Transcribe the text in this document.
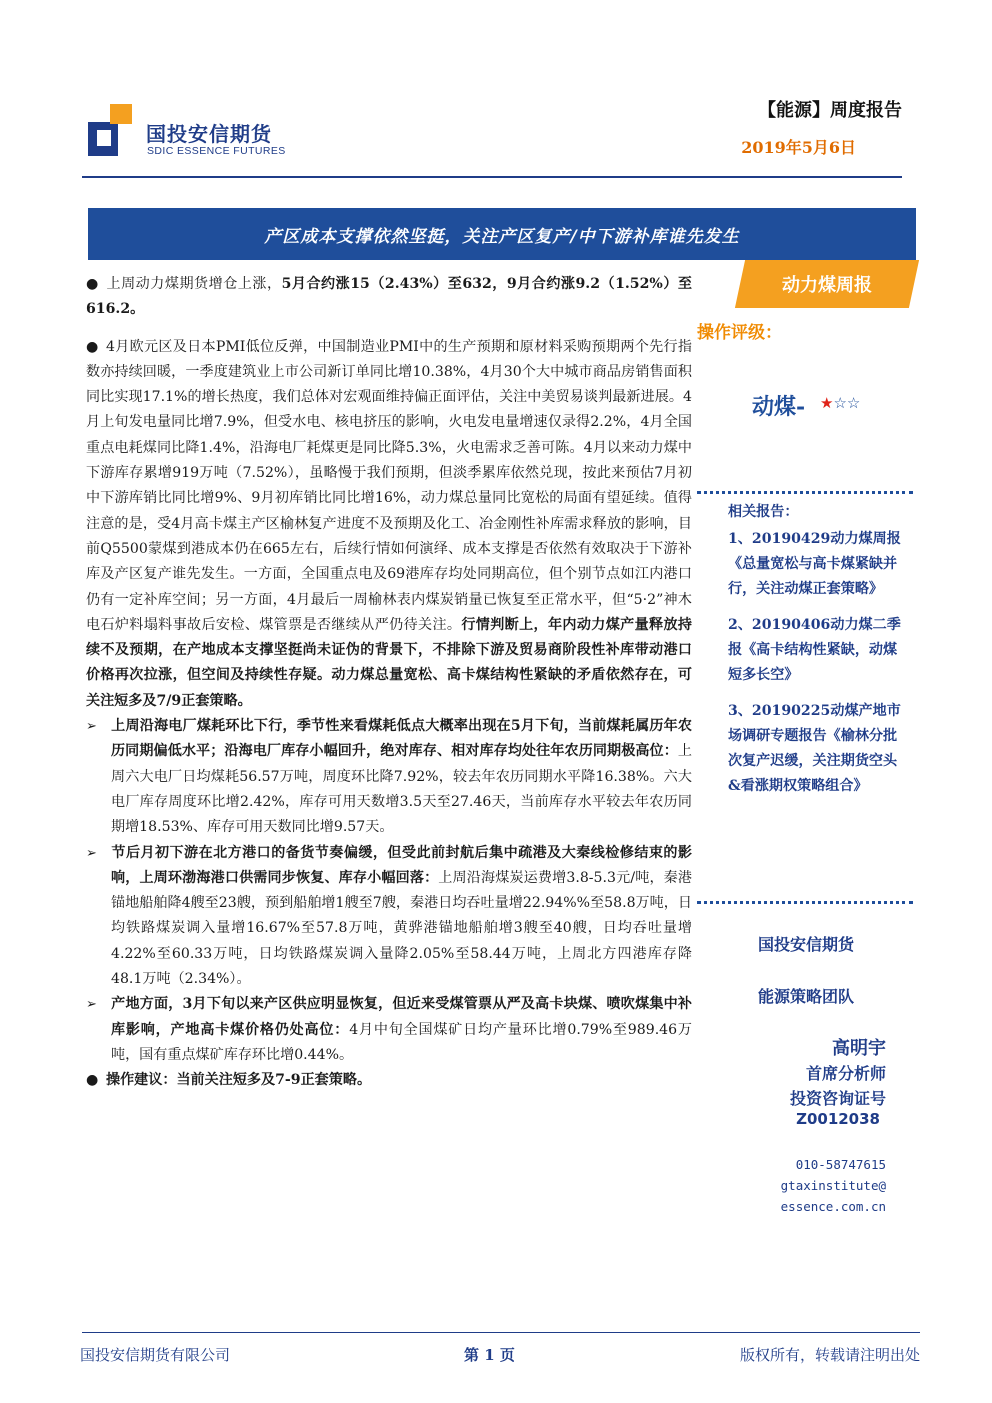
国投安信期货
SDIC ESSENCE FUTURES
【能源】周度报告
2019年5月6日
产区成本支撑依然坚挺，关注产区复产/中下游补库谁先发生
动力煤周报
操作评级：
动煤- ★☆☆

相关报告：

1、20190429动力煤周报《总量宽松与高卡煤紧缺并行，关注动煤正套策略》

2、20190406动力煤二季报《高卡结构性紧缺，动煤短多长空》

3、20190225动煤产地市场调研专题报告《榆林分批次复产迟缓，关注期货空头&看涨期权策略组合》

国投安信期货
能源策略团队
高明宇
首席分析师
投资咨询证号
Z0012038
010-58747615
gtaxinstitute@
essence.com.cn

● 上周动力煤期货增仓上涨，5月合约涨15（2.43%）至632，9月合约涨9.2（1.52%）至616.2。

● 4月欧元区及日本PMI低位反弹，中国制造业PMI中的生产预期和原材料采购预期两个先行指数亦持续回暖，一季度建筑业上市公司新订单同比增10.38%，4月30个大中城市商品房销售面积同比实现17.1%的增长热度，我们总体对宏观面维持偏正面评估，关注中美贸易谈判最新进展。4月上旬发电量同比增7.9%，但受水电、核电挤压的影响，火电发电量增速仅录得2.2%，4月全国重点电耗煤同比降1.4%，沿海电厂耗煤更是同比降5.3%，火电需求乏善可陈。4月以来动力煤中下游库存累增919万吨（7.52%），虽略慢于我们预期，但淡季累库依然兑现，按此来预估7月初中下游库销比同比增9%、9月初库销比同比增16%，动力煤总量同比宽松的局面有望延续。值得注意的是，受4月高卡煤主产区榆林复产进度不及预期及化工、冶金刚性补库需求释放的影响，目前Q5500蒙煤到港成本仍在665左右，后续行情如何演绎、成本支撑是否依然有效取决于下游补库及产区复产谁先发生。一方面，全国重点电及69港库存均处同期高位，但个别节点如江内港口仍有一定补库空间；另一方面，4月最后一周榆林表内煤炭销量已恢复至正常水平，但“5·2”神木电石炉料塌料事故后安检、煤管票是否继续从严仍待关注。行情判断上，年内动力煤产量释放持续不及预期，在产地成本支撑坚挺尚未证伪的背景下，不排除下游及贸易商阶段性补库带动港口价格再次拉涨，但空间及持续性存疑。动力煤总量宽松、高卡煤结构性紧缺的矛盾依然存在，可关注短多及7/9正套策略。

➢ 上周沿海电厂煤耗环比下行，季节性来看煤耗低点大概率出现在5月下旬，当前煤耗属历年农历同期偏低水平；沿海电厂库存小幅回升，绝对库存、相对库存均处往年农历同期极高位：上周六大电厂日均煤耗56.57万吨，周度环比降7.92%，较去年农历同期水平降16.38%。六大电厂库存周度环比增2.42%，库存可用天数增3.5天至27.46天，当前库存水平较去年农历同期增18.53%、库存可用天数同比增9.57天。

➢ 节后月初下游在北方港口的备货节奏偏缓，但受此前封航后集中疏港及大秦线检修结束的影响，上周环渤海港口供需同步恢复、库存小幅回落：上周沿海煤炭运费增3.8-5.3元/吨，秦港锚地船舶降4艘至23艘，预到船舶增1艘至7艘，秦港日均吞吐量增22.94%%至58.8万吨，日均铁路煤炭调入量增16.67%至57.8万吨，黄骅港锚地船舶增3艘至40艘，日均吞吐量增4.22%至60.33万吨，日均铁路煤炭调入量降2.05%至58.44万吨，上周北方四港库存降48.1万吨（2.34%）。

➢ 产地方面，3月下旬以来产区供应明显恢复，但近来受煤管票从严及高卡块煤、喷吹煤集中补库影响，产地高卡煤价格仍处高位：4月中旬全国煤矿日均产量环比增0.79%至989.46万吨，国有重点煤矿库存环比增0.44%。

● 操作建议：当前关注短多及7-9正套策略。

国投安信期货有限公司	第 1 页	版权所有，转载请注明出处
